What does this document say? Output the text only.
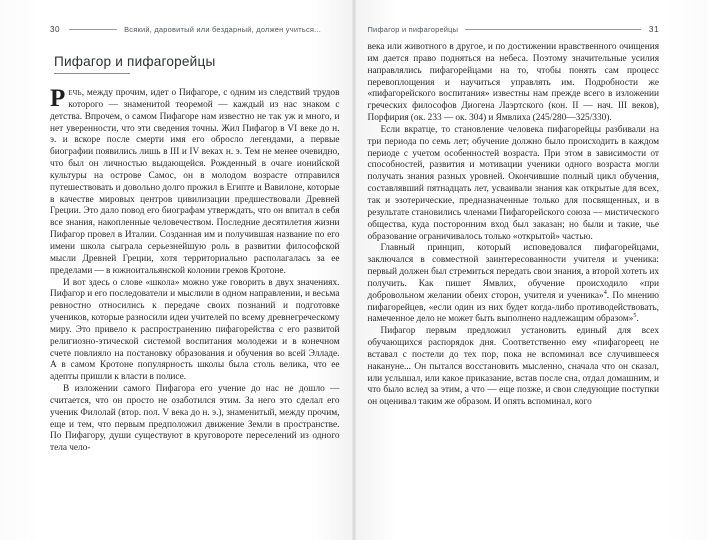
30	Всякий, даровитый или бездарный, должен учиться...
Пифагор и пифагорейцы

Речь, между прочим, идет о Пифагоре, с одним из следствий трудов которого — знаменитой теоремой — каждый из нас знаком с детства. Впрочем, о самом Пифагоре нам известно не так уж и много, и нет уверенности, что эти сведения точны. Жил Пифагор в VI веке до н. э. и вскоре после смерти имя его обросло легендами, а первые биографии появились лишь в III и IV веках н. э. Тем не менее очевидно, что был он личностью выдающейся. Рожденный в очаге ионийской культуры на острове Самос, он в молодом возрасте отправился путешествовать и довольно долго прожил в Египте и Вавилоне, которые в качестве мировых центров цивилизации предшествовали Древней Греции. Это дало повод его биографам утверждать, что он впитал в себя все знания, накопленные человечеством. Последние десятилетия жизни Пифагор провел в Италии. Созданная им и получившая название по его имени школа сыграла серьезнейшую роль в развитии философской мысли Древней Греции, хотя территориально располагалась за ее пределами — в южноитальянской колонии греков Кротоне.

И вот здесь о слове «школа» можно уже говорить в двух значениях. Пифагор и его последователи и мыслили в одном направлении, и весьма ревностно относились к передаче своих познаний и подготовке учеников, которые разносили идеи учителей по всему древнегреческому миру. Это привело к распространению пифагорейства с его развитой религиозно-этической системой воспитания молодежи и в конечном счете повлияло на постановку образования и обучения во всей Элладе. А в самом Кротоне популярность школы была столь велика, что ее адепты пришли к власти в полисе.

В изложении самого Пифагора его учение до нас не дошло — считается, что он просто не озаботился этим. За него это сделал его ученик Филолай (втор. пол. V века до н. э.), знаменитый, между прочим, еще и тем, что первым предположил движение Земли в пространстве. По Пифагору, души существуют в круговороте переселений из одного тела чело-

Пифагор и пифагорейцы	31

века или животного в другое, и по достижении нравственного очищения им дается право подняться на небеса. Поэтому значительные усилия направлялись пифагорейцами на то, чтобы понять сам процесс перевоплощения и научиться управлять им. Подробности же «пифагорейского воспитания» известны нам прежде всего в изложении греческих философов Диогена Лаэртского (кон. II — нач. III веков), Порфирия (ок. 233 — ок. 304) и Ямвлиха (245/280—325/330).

Если вкратце, то становление человека пифагорейцы разбивали на три периода по семь лет; обучение должно было происходить в каждом периоде с учетом особенностей возраста. При этом в зависимости от способностей, развития и мотивации ученики одного возраста могли получать знания разных уровней. Окончившие полный цикл обучения, составлявший пятнадцать лет, усваивали знания как открытые для всех, так и эзотерические, предназначенные только для посвященных, и в результате становились членами Пифагорейского союза — мистического общества, куда посторонним вход был заказан; но были и такие, чье образование ограничивалось только «открытой» частью.

Главный принцип, который исповедовался пифагорейцами, заключался в совместной заинтересованности учителя и ученика: первый должен был стремиться передать свои знания, а второй хотеть их получить. Как пишет Ямвлих, обучение происходило «при добровольном желании обеих сторон, учителя и ученика»$^4$. По мнению пифагорейцев, «если один из них будет когда-либо противодействовать, намеченное дело не может быть выполнено надлежащим образом»$^5$.

Пифагор первым предложил установить единый для всех обучающихся распорядок дня. Соответственно ему «пифагореец не вставал с постели до тех пор, пока не вспоминал все случившееся накануне... Он пытался восстановить мысленно, сначала что он сказал, или услышал, или какое приказание, встав после сна, отдал домашним, и что было вслед за этим, а что — еще позже, и свои следующие поступки он оценивал таким же образом. И опять вспоминал, кого
